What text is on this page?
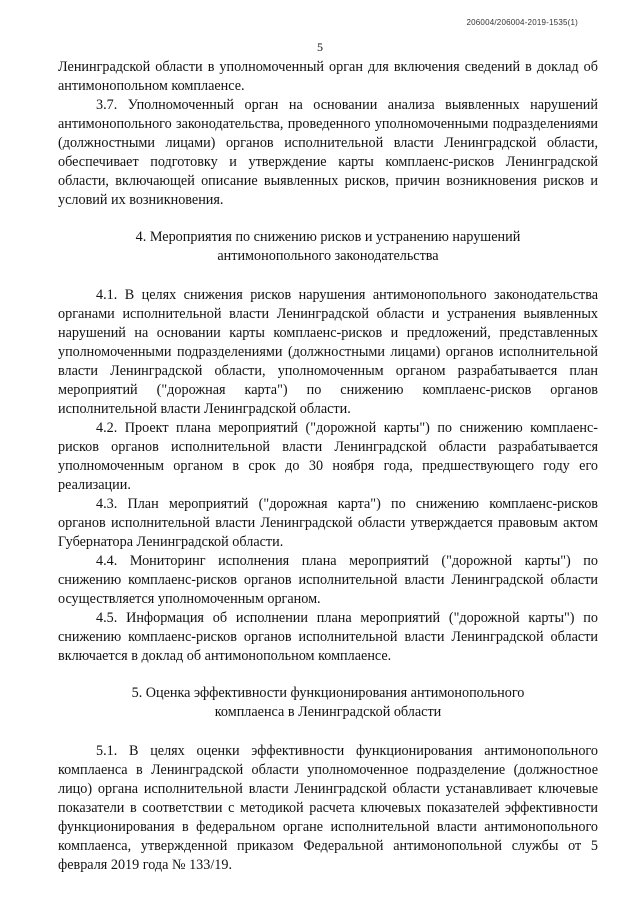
206004/206004-2019-1535(1)
5

Ленинградской области в уполномоченный орган для включения сведений в доклад об антимонопольном комплаенсе.

3.7. Уполномоченный орган на основании анализа выявленных нарушений антимонопольного законодательства, проведенного уполномоченными подразделениями (должностными лицами) органов исполнительной власти Ленинградской области, обеспечивает подготовку и утверждение карты комплаенс-рисков Ленинградской области, включающей описание выявленных рисков, причин возникновения рисков и условий их возникновения.

4. Мероприятия по снижению рисков и устранению нарушений
антимонопольного законодательства

4.1. В целях снижения рисков нарушения антимонопольного законодательства органами исполнительной власти Ленинградской области и устранения выявленных нарушений на основании карты комплаенс-рисков и предложений, представленных уполномоченными подразделениями (должностными лицами) органов исполнительной власти Ленинградской области, уполномоченным органом разрабатывается план мероприятий ("дорожная карта") по снижению комплаенс-рисков органов исполнительной власти Ленинградской области.

4.2. Проект плана мероприятий ("дорожной карты") по снижению комплаенс-рисков органов исполнительной власти Ленинградской области разрабатывается уполномоченным органом в срок до 30 ноября года, предшествующего году его реализации.

4.3. План мероприятий ("дорожная карта") по снижению комплаенс-рисков органов исполнительной власти Ленинградской области утверждается правовым актом Губернатора Ленинградской области.

4.4. Мониторинг исполнения плана мероприятий ("дорожной карты") по снижению комплаенс-рисков органов исполнительной власти Ленинградской области осуществляется уполномоченным органом.

4.5. Информация об исполнении плана мероприятий ("дорожной карты") по снижению комплаенс-рисков органов исполнительной власти Ленинградской области включается в доклад об антимонопольном комплаенсе.

5. Оценка эффективности функционирования антимонопольного
комплаенса в Ленинградской области

5.1. В целях оценки эффективности функционирования антимонопольного комплаенса в Ленинградской области уполномоченное подразделение (должностное лицо) органа исполнительной власти Ленинградской области устанавливает ключевые показатели в соответствии с методикой расчета ключевых показателей эффективности функционирования в федеральном органе исполнительной власти антимонопольного комплаенса, утвержденной приказом Федеральной антимонопольной службы от 5 февраля 2019 года № 133/19.
